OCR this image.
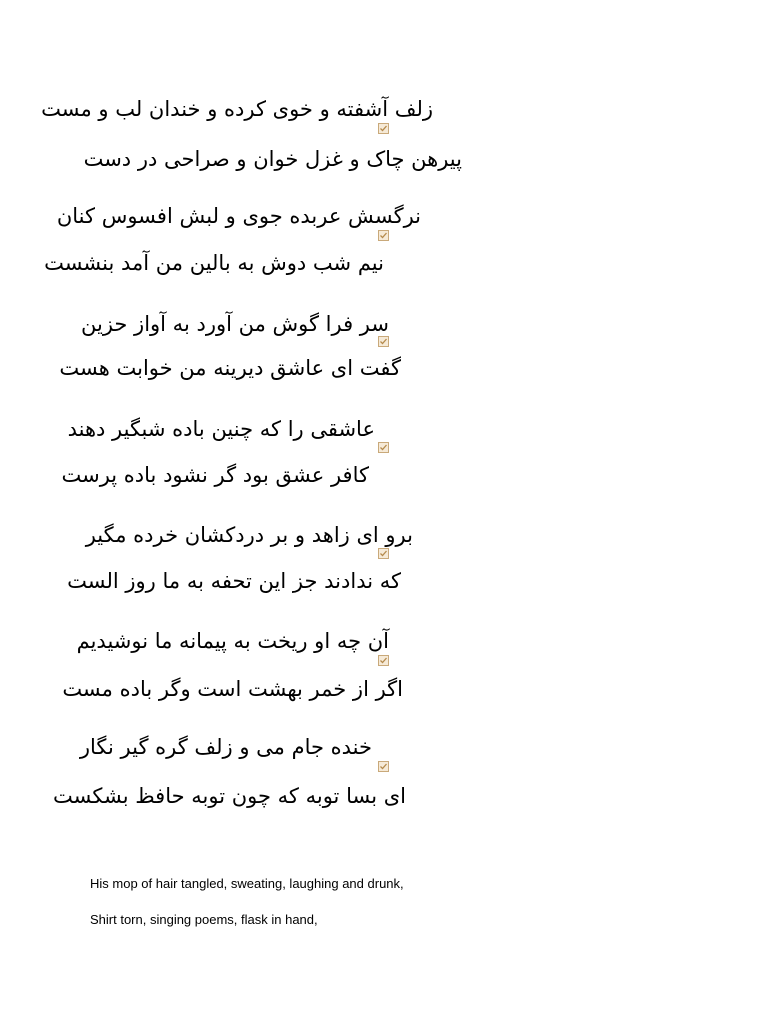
زلف آشفته و خوی کرده و خندان لب و مست
پیرهن چاک و غزل خوان و صراحی در دست
نرگسش عربده جوی و لبش افسوس کنان
نیم شب دوش به بالین من آمد بنشست
سر فرا گوش من آورد به آواز حزین
گفت ای عاشق دیرینه من خوابت هست
عاشقی را که چنین باده شبگیر دهند
کافر عشق بود گر نشود باده پرست
برو ای زاهد و بر دردکشان خرده مگیر
که ندادند جز این تحفه به ما روز الست
آن چه او ریخت به پیمانه ما نوشیدیم
اگر از خمر بهشت است وگر باده مست
خنده جام می و زلف گره گیر نگار
ای بسا توبه که چون توبه حافظ بشکست
His mop of hair tangled, sweating, laughing and drunk,
Shirt torn, singing poems, flask in hand,
